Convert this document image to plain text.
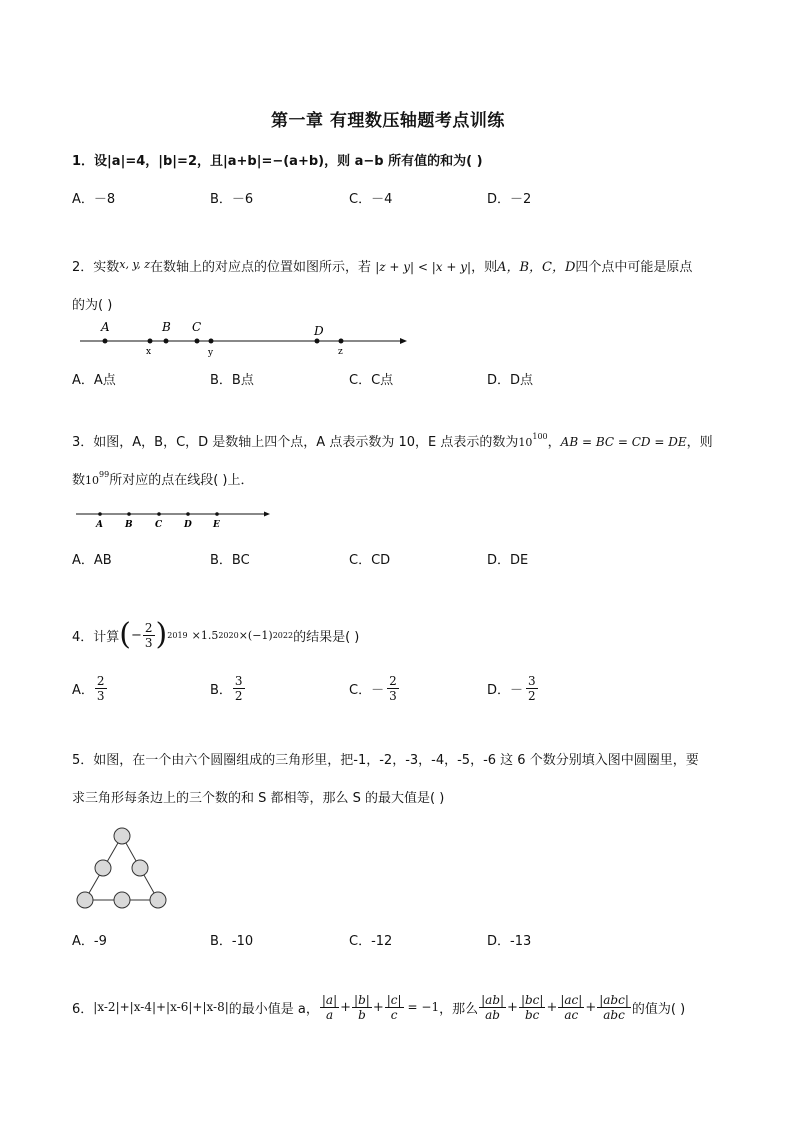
第一章 有理数压轴题考点训练
1．设|a|=4，|b|=2，且|a+b|=−(a+b)，则 a−b 所有值的和为( )
A．－8	B．－6	C．－4	D．－2
2．实数$^{x, y, z}$在数轴上的对应点的位置如图所示，若 |z + y| < |x + y|，则A，B，C，D四个点中可能是原点
的为( )
A	B C	D
x	y	z
A．A点	B．B点	C．C点	D．D点
3．如图，A，B，C，D 是数轴上四个点，A 点表示数为 10，E 点表示的数为$10^{100}$，AB = BC = CD = DE，则
数$10^{99}$所对应的点在线段( )上．
A B C D E
A．AB	B．BC	C．CD	D．DE
4．计算 ( − $\frac{2}{3}$ ) 2019 ×1.5 2020 ×(−1) 2022 的结果是( )
A． $\frac{2}{3}$	B． $\frac{3}{2}$	C． － $\frac{2}{3}$	D． － $\frac{3}{2}$
5．如图，在一个由六个圆圈组成的三角形里，把-1，-2，-3，-4，-5，-6 这 6 个数分别填入图中圆圈里，要
求三角形每条边上的三个数的和 S 都相等，那么 S 的最大值是( )
A．-9	B．-10	C．-12	D．-13
6． |x-2|+|x-4|+|x-6|+|x-8| 的最小值是 a， $\frac{|a|}{a} + \frac{|b|}{b} + \frac{|c|}{c} = -1$ ，那么 $\frac{|ab|}{ab} + \frac{|bc|}{bc} + \frac{|ac|}{ac} + \frac{\text{|abc|}}{\text{abc}}$ 的值为( )
